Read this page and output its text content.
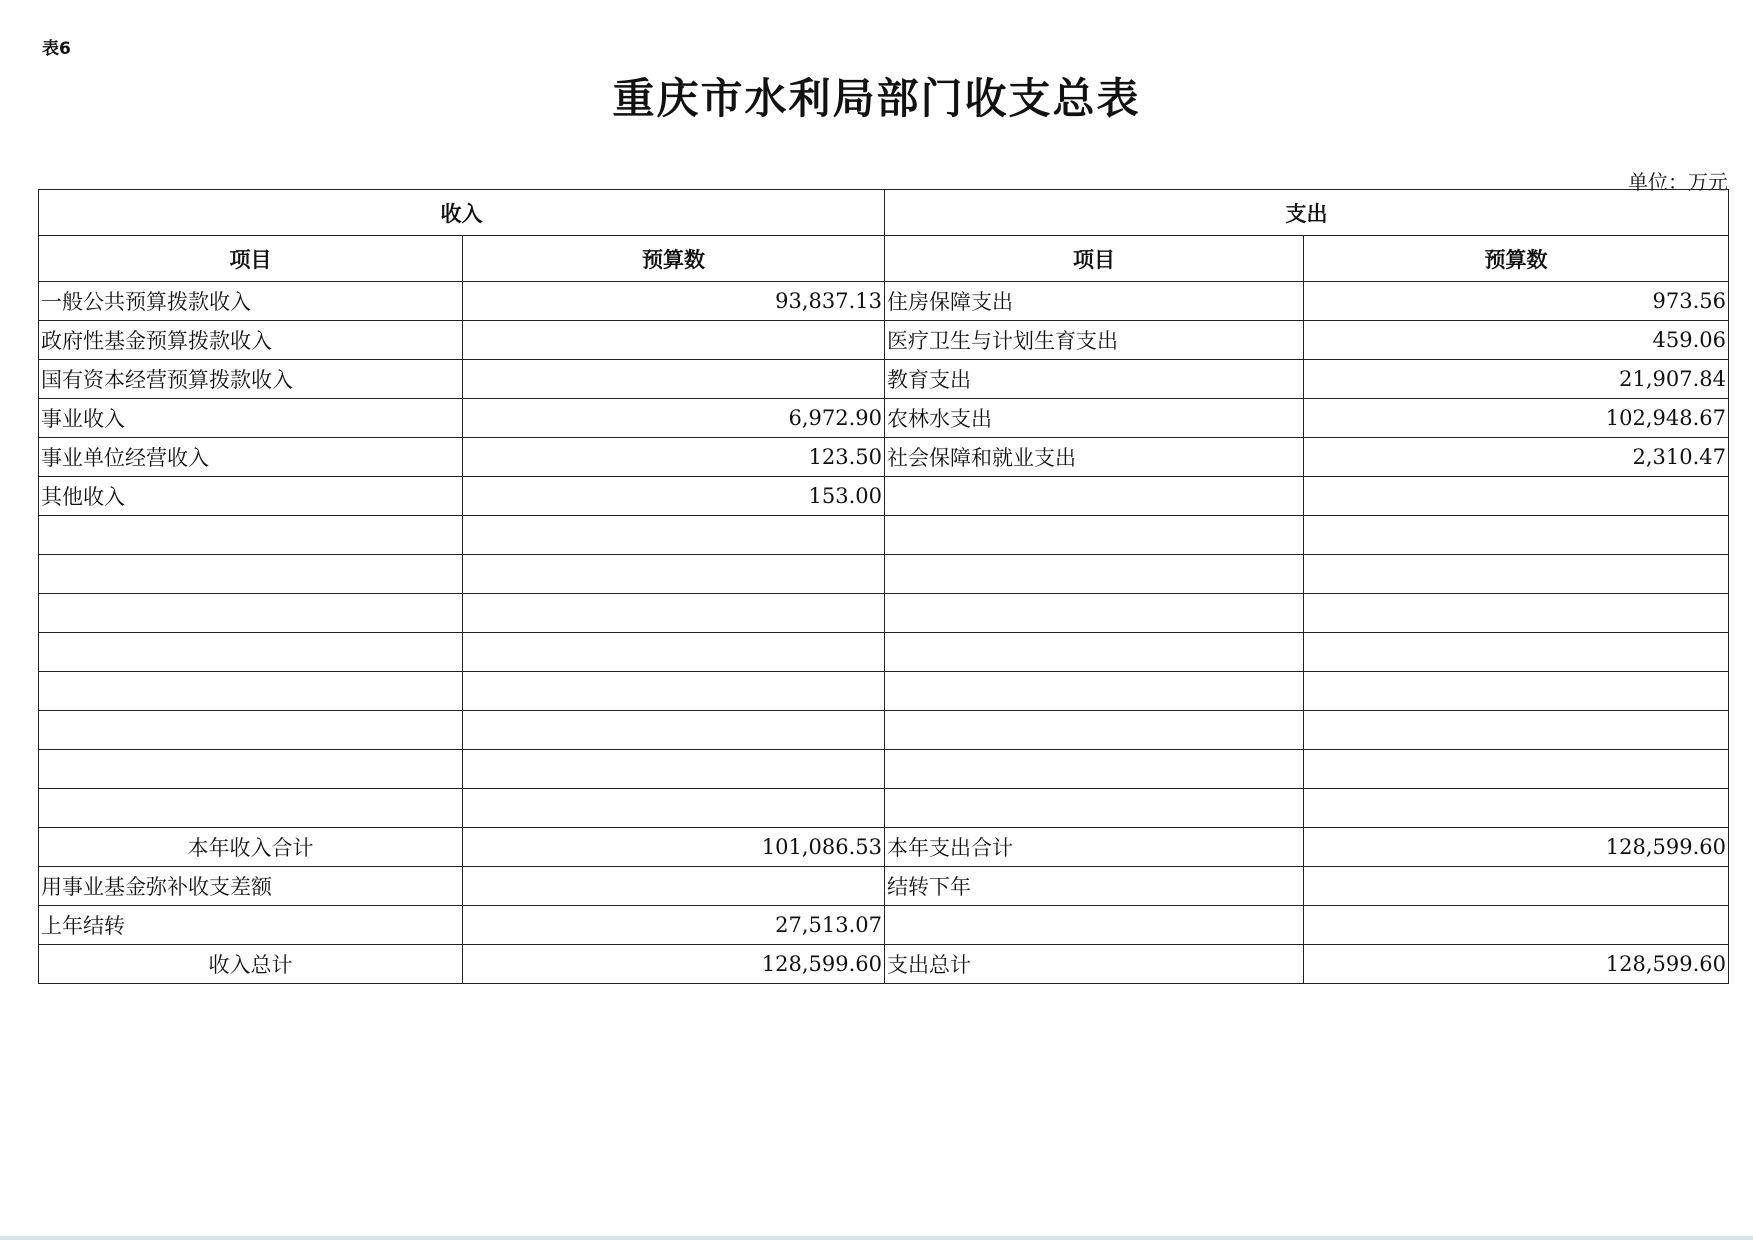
表6
重庆市水利局部门收支总表
单位：万元
收入		支出	
项目	预算数	项目	预算数
一般公共预算拨款收入	93,837.13	住房保障支出	973.56
政府性基金预算拨款收入		医疗卫生与计划生育支出	459.06
国有资本经营预算拨款收入		教育支出	21,907.84
事业收入	6,972.90	农林水支出	102,948.67
事业单位经营收入	123.50	社会保障和就业支出	2,310.47
其他收入	153.00		

本年收入合计	101,086.53	本年支出合计	128,599.60
用事业基金弥补收支差额		结转下年	
上年结转	27,513.07		
收入总计	128,599.60	支出总计	128,599.60
